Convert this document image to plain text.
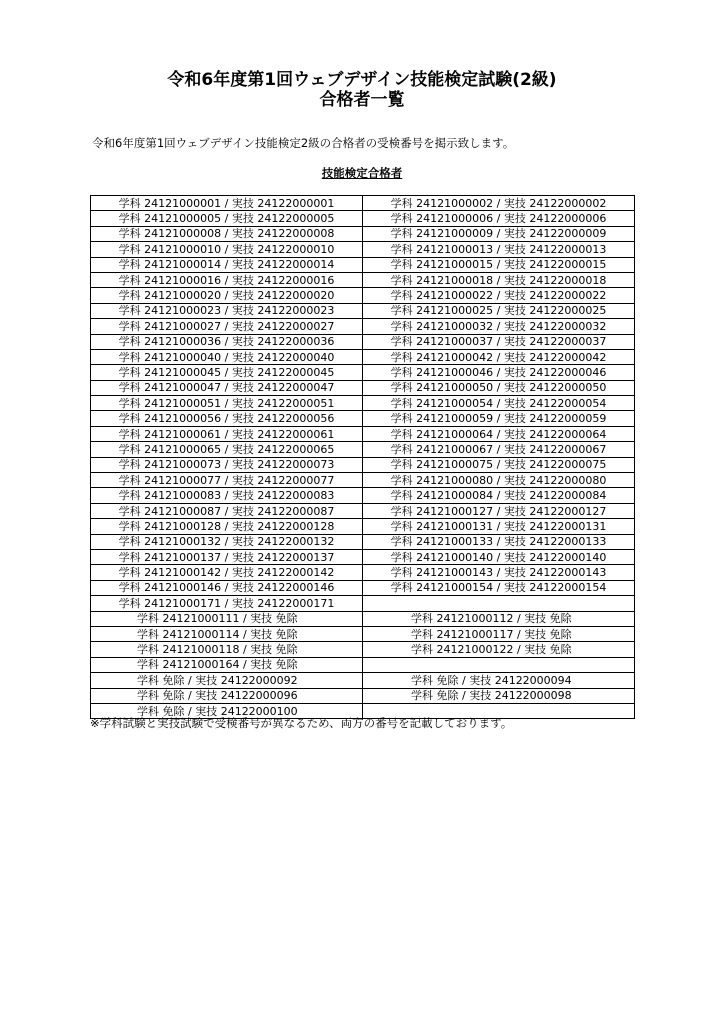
令和6年度第1回ウェブデザイン技能検定試験(2級)
合格者一覧
令和6年度第1回ウェブデザイン技能検定2級の合格者の受検番号を掲示致します。
技能検定合格者
学科 24121000001 / 実技 24122000001	学科 24121000002 / 実技 24122000002
学科 24121000005 / 実技 24122000005	学科 24121000006 / 実技 24122000006
学科 24121000008 / 実技 24122000008	学科 24121000009 / 実技 24122000009
学科 24121000010 / 実技 24122000010	学科 24121000013 / 実技 24122000013
学科 24121000014 / 実技 24122000014	学科 24121000015 / 実技 24122000015
学科 24121000016 / 実技 24122000016	学科 24121000018 / 実技 24122000018
学科 24121000020 / 実技 24122000020	学科 24121000022 / 実技 24122000022
学科 24121000023 / 実技 24122000023	学科 24121000025 / 実技 24122000025
学科 24121000027 / 実技 24122000027	学科 24121000032 / 実技 24122000032
学科 24121000036 / 実技 24122000036	学科 24121000037 / 実技 24122000037
学科 24121000040 / 実技 24122000040	学科 24121000042 / 実技 24122000042
学科 24121000045 / 実技 24122000045	学科 24121000046 / 実技 24122000046
学科 24121000047 / 実技 24122000047	学科 24121000050 / 実技 24122000050
学科 24121000051 / 実技 24122000051	学科 24121000054 / 実技 24122000054
学科 24121000056 / 実技 24122000056	学科 24121000059 / 実技 24122000059
学科 24121000061 / 実技 24122000061	学科 24121000064 / 実技 24122000064
学科 24121000065 / 実技 24122000065	学科 24121000067 / 実技 24122000067
学科 24121000073 / 実技 24122000073	学科 24121000075 / 実技 24122000075
学科 24121000077 / 実技 24122000077	学科 24121000080 / 実技 24122000080
学科 24121000083 / 実技 24122000083	学科 24121000084 / 実技 24122000084
学科 24121000087 / 実技 24122000087	学科 24121000127 / 実技 24122000127
学科 24121000128 / 実技 24122000128	学科 24121000131 / 実技 24122000131
学科 24121000132 / 実技 24122000132	学科 24121000133 / 実技 24122000133
学科 24121000137 / 実技 24122000137	学科 24121000140 / 実技 24122000140
学科 24121000142 / 実技 24122000142	学科 24121000143 / 実技 24122000143
学科 24121000146 / 実技 24122000146	学科 24121000154 / 実技 24122000154
学科 24121000171 / 実技 24122000171	
学科 24121000111 / 実技 免除	学科 24121000112 / 実技 免除
学科 24121000114 / 実技 免除	学科 24121000117 / 実技 免除
学科 24121000118 / 実技 免除	学科 24121000122 / 実技 免除
学科 24121000164 / 実技 免除	
学科 免除 / 実技 24122000092	学科 免除 / 実技 24122000094
学科 免除 / 実技 24122000096	学科 免除 / 実技 24122000098
学科 免除 / 実技 24122000100	
※学科試験と実技試験で受検番号が異なるため、両方の番号を記載しております。
